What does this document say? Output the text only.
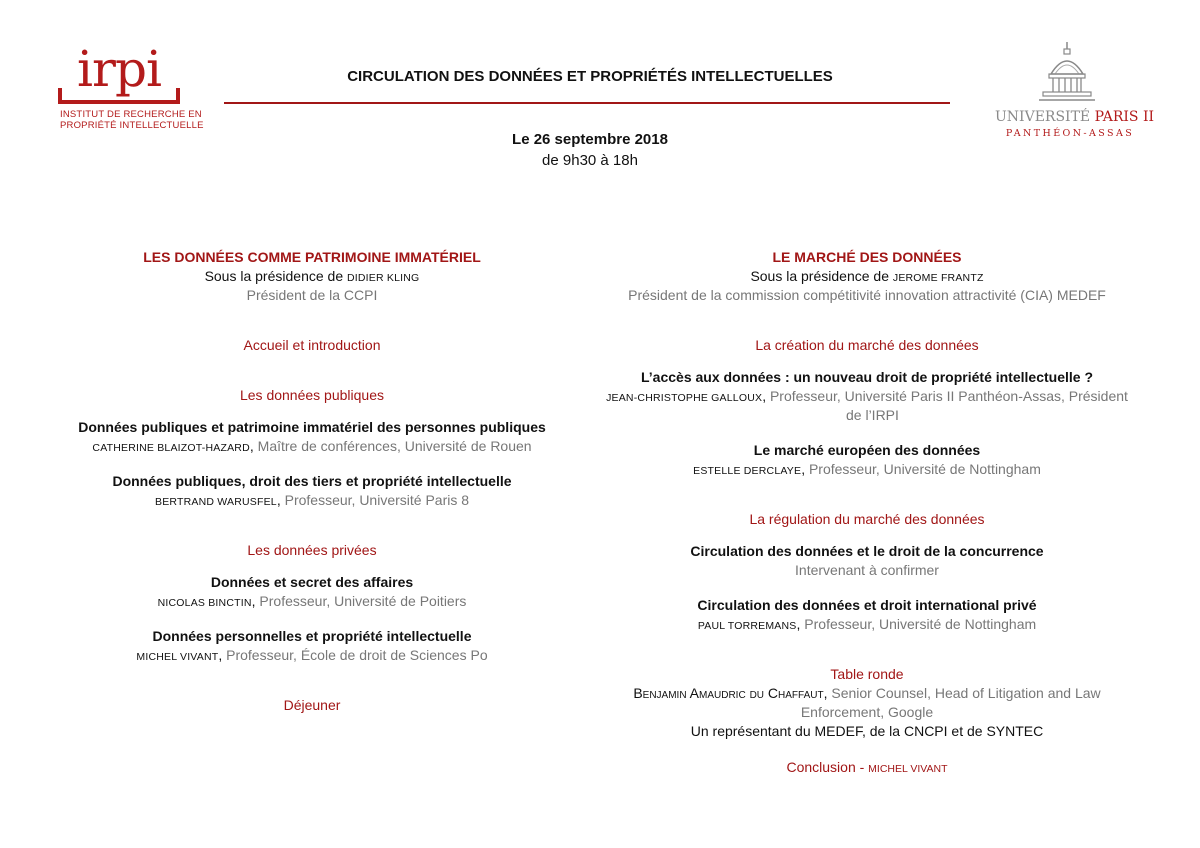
irpi
INSTITUT DE RECHERCHE EN
PROPRIÉTÉ INTELLECTUELLE
CIRCULATION DES DONNÉES ET PROPRIÉTÉS INTELLECTUELLES
Le 26 septembre 2018
de 9h30 à 18h
UNIVERSITÉ PARIS II
PANTHÉON-ASSAS
LES DONNÉES COMME PATRIMOINE IMMATÉRIEL
Sous la présidence de DIDIER KLING
Président de la CCPI
Accueil et introduction
Les données publiques
Données publiques et patrimoine immatériel des personnes publiques
CATHERINE BLAIZOT-HAZARD, Maître de conférences, Université de Rouen
Données publiques, droit des tiers et propriété intellectuelle
BERTRAND WARUSFEL, Professeur, Université Paris 8
Les données privées
Données et secret des affaires
NICOLAS BINCTIN, Professeur, Université de Poitiers
Données personnelles et propriété intellectuelle
MICHEL VIVANT, Professeur, École de droit de Sciences Po
Déjeuner
LE MARCHÉ DES DONNÉES
Sous la présidence de JEROME FRANTZ
Président de la commission compétitivité innovation attractivité (CIA) MEDEF
La création du marché des données
L’accès aux données : un nouveau droit de propriété intellectuelle ?
JEAN-CHRISTOPHE GALLOUX, Professeur, Université Paris II Panthéon-Assas, Président
de l’IRPI
Le marché européen des données
ESTELLE DERCLAYE, Professeur, Université de Nottingham
La régulation du marché des données
Circulation des données et le droit de la concurrence
Intervenant à confirmer
Circulation des données et droit international privé
PAUL TORREMANS, Professeur, Université de Nottingham
Table ronde
Benjamin Amaudric du Chaffaut, Senior Counsel, Head of Litigation and Law
Enforcement, Google
Un représentant du MEDEF, de la CNCPI et de SYNTEC
Conclusion - MICHEL VIVANT
